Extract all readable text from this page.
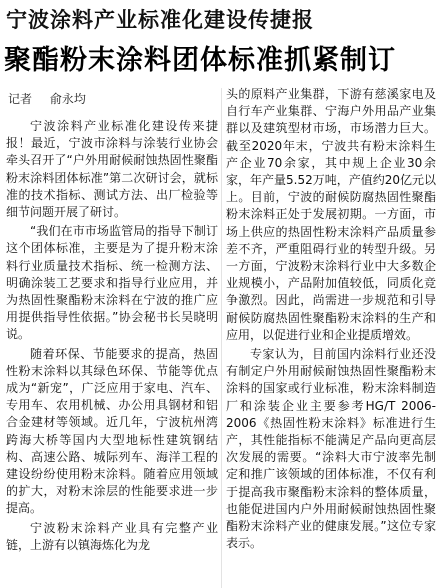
宁波涂料产业标准化建设传捷报
聚酯粉末涂料团体标准抓紧制订
记者 俞永均

宁波涂料产业标准化建设传来捷报！最近，宁波市涂料与涂装行业协会牵头召开了“户外用耐候耐蚀热固性聚酯粉末涂料团体标准”第二次研讨会，就标准的技术指标、测试方法、出厂检验等细节问题开展了研讨。

“我们在市市场监管局的指导下制订这个团体标准，主要是为了提升粉末涂料行业质量技术指标、统一检测方法、明确涂装工艺要求和指导行业应用，并为热固性聚酯粉末涂料在宁波的推广应用提供指导性依据。”协会秘书长吴晓明说。

随着环保、节能要求的提高，热固性粉末涂料以其绿色环保、节能等优点成为“新宠”，广泛应用于家电、汽车、专用车、农用机械、办公用具钢材和铝合金建材等领域。近几年，宁波杭州湾跨海大桥等国内大型地标性建筑钢结构、高速公路、城际列车、海洋工程的建设纷纷使用粉末涂料。随着应用领域的扩大，对粉末涂层的性能要求进一步提高。

宁波粉末涂料产业具有完整产业链，上游有以镇海炼化为龙

头的原料产业集群，下游有慈溪家电及自行车产业集群、宁海户外用品产业集群以及建筑型材市场，市场潜力巨大。截至2020年末，宁波共有粉末涂料生产企业70余家，其中规上企业30余家，年产量5.52万吨，产值约20亿元以上。目前，宁波的耐候防腐热固性聚酯粉末涂料正处于发展初期。一方面，市场上供应的热固性粉末涂料产品质量参差不齐，严重阻碍行业的转型升级。另一方面，宁波粉末涂料行业中大多数企业规模小，产品附加值较低，同质化竞争激烈。因此，尚需进一步规范和引导耐候防腐热固性聚酯粉末涂料的生产和应用，以促进行业和企业提质增效。

专家认为，目前国内涂料行业还没有制定户外用耐候耐蚀热固性聚酯粉末涂料的国家或行业标准，粉末涂料制造厂和涂装企业主要参考HG/T 2006-2006《热固性粉末涂料》标准进行生产，其性能指标不能满足产品向更高层次发展的需要。“涂料大市宁波率先制定和推广该领域的团体标准，不仅有利于提高我市聚酯粉末涂料的整体质量，也能促进国内户外用耐候耐蚀热固性聚酯粉末涂料产业的健康发展。”这位专家表示。
